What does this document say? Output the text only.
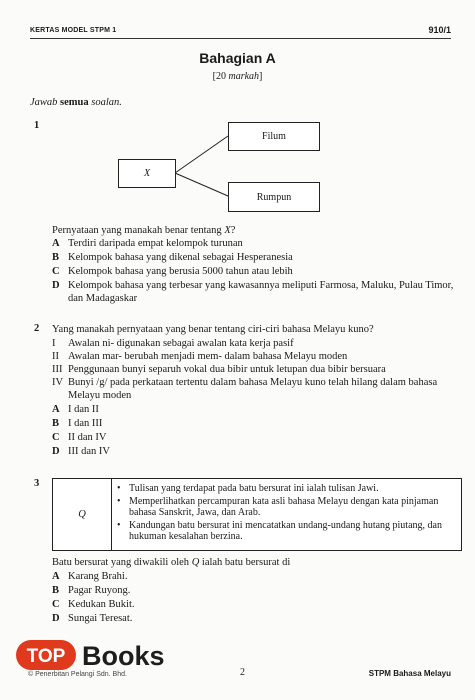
KERTAS MODEL STPM 1	910/1
Bahagian A
[20 markah]
Jawab semua soalan.
1
X
Filum
Rumpun
Pernyataan yang manakah benar tentang X?
A Terdiri daripada empat kelompok turunan
B Kelompok bahasa yang dikenal sebagai Hesperanesia
C Kelompok bahasa yang berusia 5000 tahun atau lebih
D Kelompok bahasa yang terbesar yang kawasannya meliputi Farmosa, Maluku, Pulau Timor, dan Madagaskar
2 Yang manakah pernyataan yang benar tentang ciri-ciri bahasa Melayu kuno?
I	Awalan ni- digunakan sebagai awalan kata kerja pasif
II Awalan mar- berubah menjadi mem- dalam bahasa Melayu moden
III Penggunaan bunyi separuh vokal dua bibir untuk letupan dua bibir bersuara
IV Bunyi /g/ pada perkataan tertentu dalam bahasa Melayu kuno telah hilang dalam bahasa Melayu moden
A I dan II
B I dan III
C II dan IV
D III dan IV
3
Q
• Tulisan yang terdapat pada batu bersurat ini ialah tulisan Jawi.
• Memperlihatkan percampuran kata asli bahasa Melayu dengan kata pinjaman bahasa Sanskrit, Jawa, dan Arab.
• Kandungan batu bersurat ini mencatatkan undang-undang hutang piutang, dan hukuman kesalahan berzina.
Batu bersurat yang diwakili oleh Q ialah batu bersurat di
A Karang Brahi.
B Pagar Ruyong.
C Kedukan Bukit.
D Sungai Teresat.
TOP Books
© Penerbitan Pelangi Sdn. Bhd.	2	STPM Bahasa Melayu
